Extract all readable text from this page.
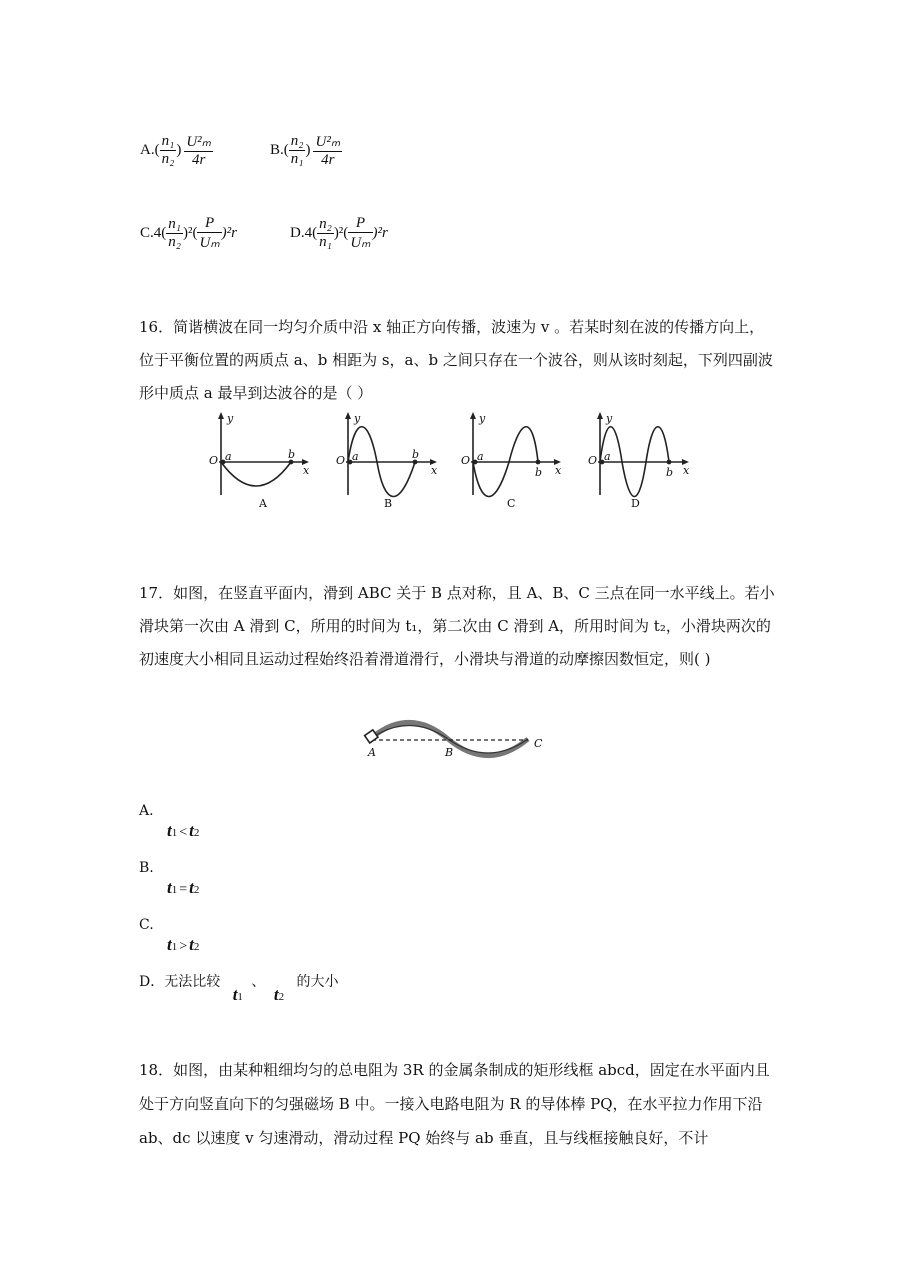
A. ( $\frac{\text{n₁}}{\text{n₂}}$ ) $\frac{\text{U²ₘ}}{4r}$	B. ( $\frac{\text{n₂}}{\text{n₁}}$ ) $\frac{\text{U²ₘ}}{4r}$
C. $4( \frac{\text{n₁}}{\text{n₂}} )^2( \frac{P}{\text{Uₘ}} )^2r$	D. $4( \frac{\text{n₂}}{\text{n₁}} )^2( \frac{P}{\text{Uₘ}} )^2r$
16．简谐横波在同一均匀介质中沿 x 轴正方向传播，波速为 v 。若某时刻在波的传播方向上，位于平衡位置的两质点 a、b 相距为 s，a、b 之间只存在一个波谷，则从该时刻起，下列四副波形中质点 a 最早到达波谷的是（ ）
y
O a	b
x
A
y
O a	b
x
B
y
O a
b x
C
y
O a
b x
D
17．如图，在竖直平面内，滑到 ABC 关于 B 点对称，且 A、B、C 三点在同一水平线上。若小滑块第一次由 A 滑到 C，所用的时间为 t₁，第二次由 C 滑到 A，所用时间为 t₂，小滑块两次的初速度大小相同且运动过程始终沿着滑道滑行，小滑块与滑道的动摩擦因数恒定，则( )
A	B
C
A.
t1 < t2
B.
t1 = t2
C.
t1 > t2
D．无法比较 t1 、 t2 的大小
18．如图，由某种粗细均匀的总电阻为 3R 的金属条制成的矩形线框 abcd，固定在水平面内且处于方向竖直向下的匀强磁场 B 中。一接入电路电阻为 R 的导体棒 PQ，在水平拉力作用下沿 ab、dc 以速度 v 匀速滑动，滑动过程 PQ 始终与 ab 垂直，且与线框接触良好，不计
